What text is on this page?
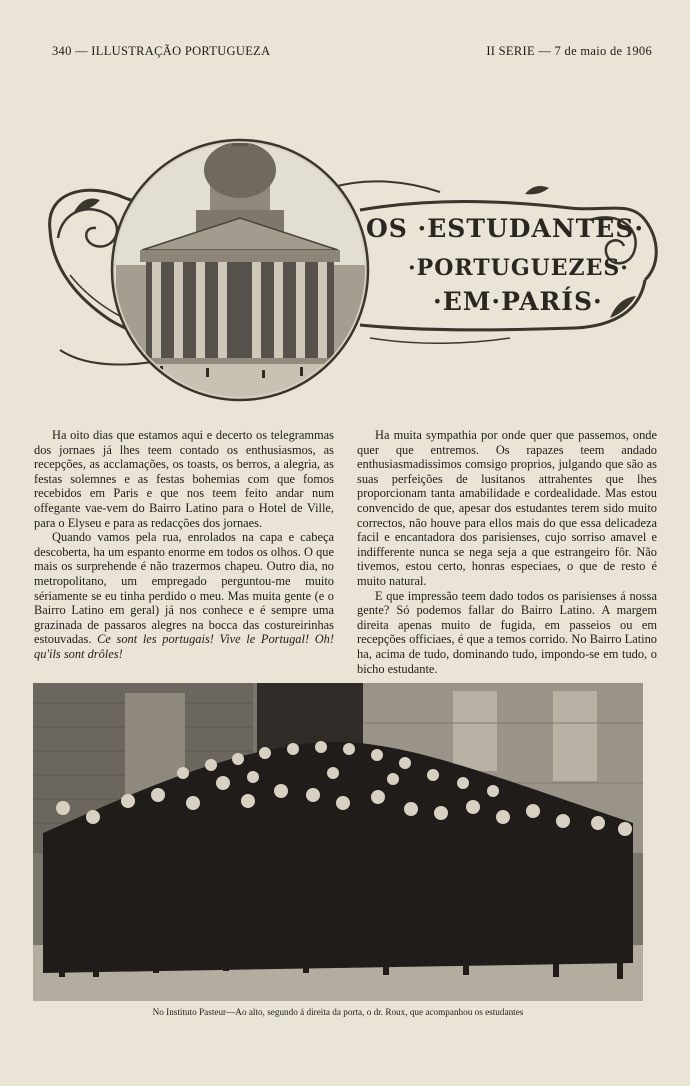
340 — ILLUSTRAÇÃO PORTUGUEZA	II SERIE — 7 de maio de 1906
OS ·ESTUDANTES·
·PORTUGUEZES·
·EM·PARÍS·

Ha oito dias que estamos aqui e decerto os telegrammas dos jornaes já lhes teem contado os enthusiasmos, as recepções, as acclamações, os toasts, os berros, a alegria, as festas solemnes e as festas bohemias com que fomos recebidos em Paris e que nos teem feito andar num offegante vae-vem do Bairro Latino para o Hotel de Ville, para o Elyseu e para as redacções dos jornaes.

Quando vamos pela rua, enrolados na capa e cabeça descoberta, ha um espanto enorme em todos os olhos. O que mais os surprehende é não trazermos chapeu. Outro dia, no metropolitano, um empregado perguntou-me muito sériamente se eu tinha perdido o meu. Mas muita gente (e o Bairro Latino em geral) já nos conhece e é sempre uma grazinada de passaros alegres na bocca das costureirinhas estouvadas. Ce sont les portugais! Vive le Portugal! Oh! qu'ils sont drôles!

Ha muita sympathia por onde quer que passemos, onde quer que entremos. Os rapazes teem andado enthusiasmadissimos comsigo proprios, julgando que são as suas perfeições de lusitanos attrahentes que lhes proporcionam tanta amabilidade e cordealidade. Mas estou convencido de que, apesar dos estudantes terem sido muito correctos, não houve para ellos mais do que essa delicadeza facil e encantadora dos parisienses, cujo sorriso amavel e indifferente nunca se nega seja a que estrangeiro fôr. Não tivemos, estou certo, honras especiaes, o que de resto é muito natural.

E que impressão teem dado todos os parisienses á nossa gente? Só podemos fallar do Bairro Latino. A margem direita apenas muito de fugida, em passeios ou em recepções officiaes, é que a temos corrido. No Bairro Latino ha, acima de tudo, dominando tudo, impondo-se em tudo, o bicho estudante.

No Instituto Pasteur—Ao alto, segundo á direita da porta, o dr. Roux, que acompanhou os estudantes
